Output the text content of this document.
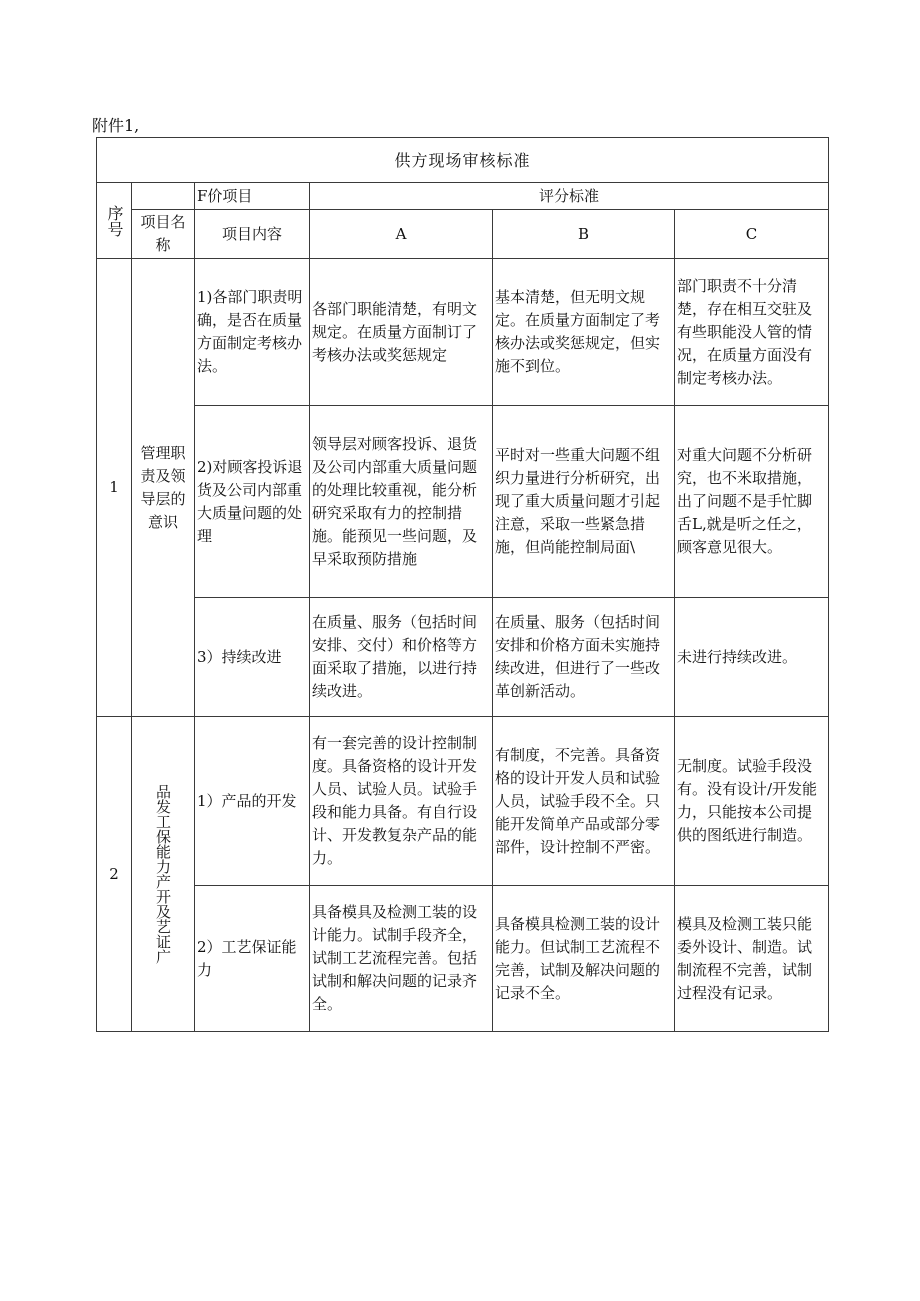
附件1,
供方现场审核标准					

序号		F价项目	评分标准		
	项目名称	项目内容	A	B	C
1	管理职责及领导层的意识	1)各部门职责明确，是否在质量方面制定考核办法。	各部门职能清楚，有明文规定。在质量方面制订了考核办法或奖惩规定	基本清楚，但无明文规定。在质量方面制定了考核办法或奖惩规定，但实施不到位。	部门职责不十分清楚，存在相互交驻及有些职能没人管的情况，在质量方面没有制定考核办法。
		2)对顾客投诉退货及公司内部重大质量问题的处理	领导层对顾客投诉、退货及公司内部重大质量问题的处理比较重视，能分析研究采取有力的控制措施。能预见一些问题，及早采取预防措施	平时对一些重大问题不组织力量进行分析研究，出现了重大质量问题才引起注意，采取一些紧急措施，但尚能控制局面\	对重大问题不分析研究，也不米取措施，出了问题不是手忙脚舌L,就是听之任之，顾客意见很大。
		3）持续改进	在质量、服务（包括时间安排、交付）和价格等方面采取了措施，以进行持续改进。	在质量、服务（包括时间安排和价格方面未实施持续改进，但进行了一些改革创新活动。	未进行持续改进。
2	品发工保能力产开及艺证广	1）产品的开发	有一套完善的设计控制制度。具备资格的设计开发人员、试验人员。试验手段和能力具备。有自行设计、开发教复杂产品的能力。	有制度，不完善。具备资格的设计开发人员和试验人员，试验手段不全。只能开发简单产品或部分零部件，设计控制不严密。	无制度。试验手段没有。没有设计/开发能力，只能按本公司提供的图纸进行制造。
		2）工艺保证能力	具备模具及检测工装的设计能力。试制手段齐全，试制工艺流程完善。包括试制和解决问题的记录齐全。	具备模具检测工装的设计能力。但试制工艺流程不完善，试制及解决问题的记录不全。	模具及检测工装只能委外设计、制造。试制流程不完善，试制过程没有记录。
